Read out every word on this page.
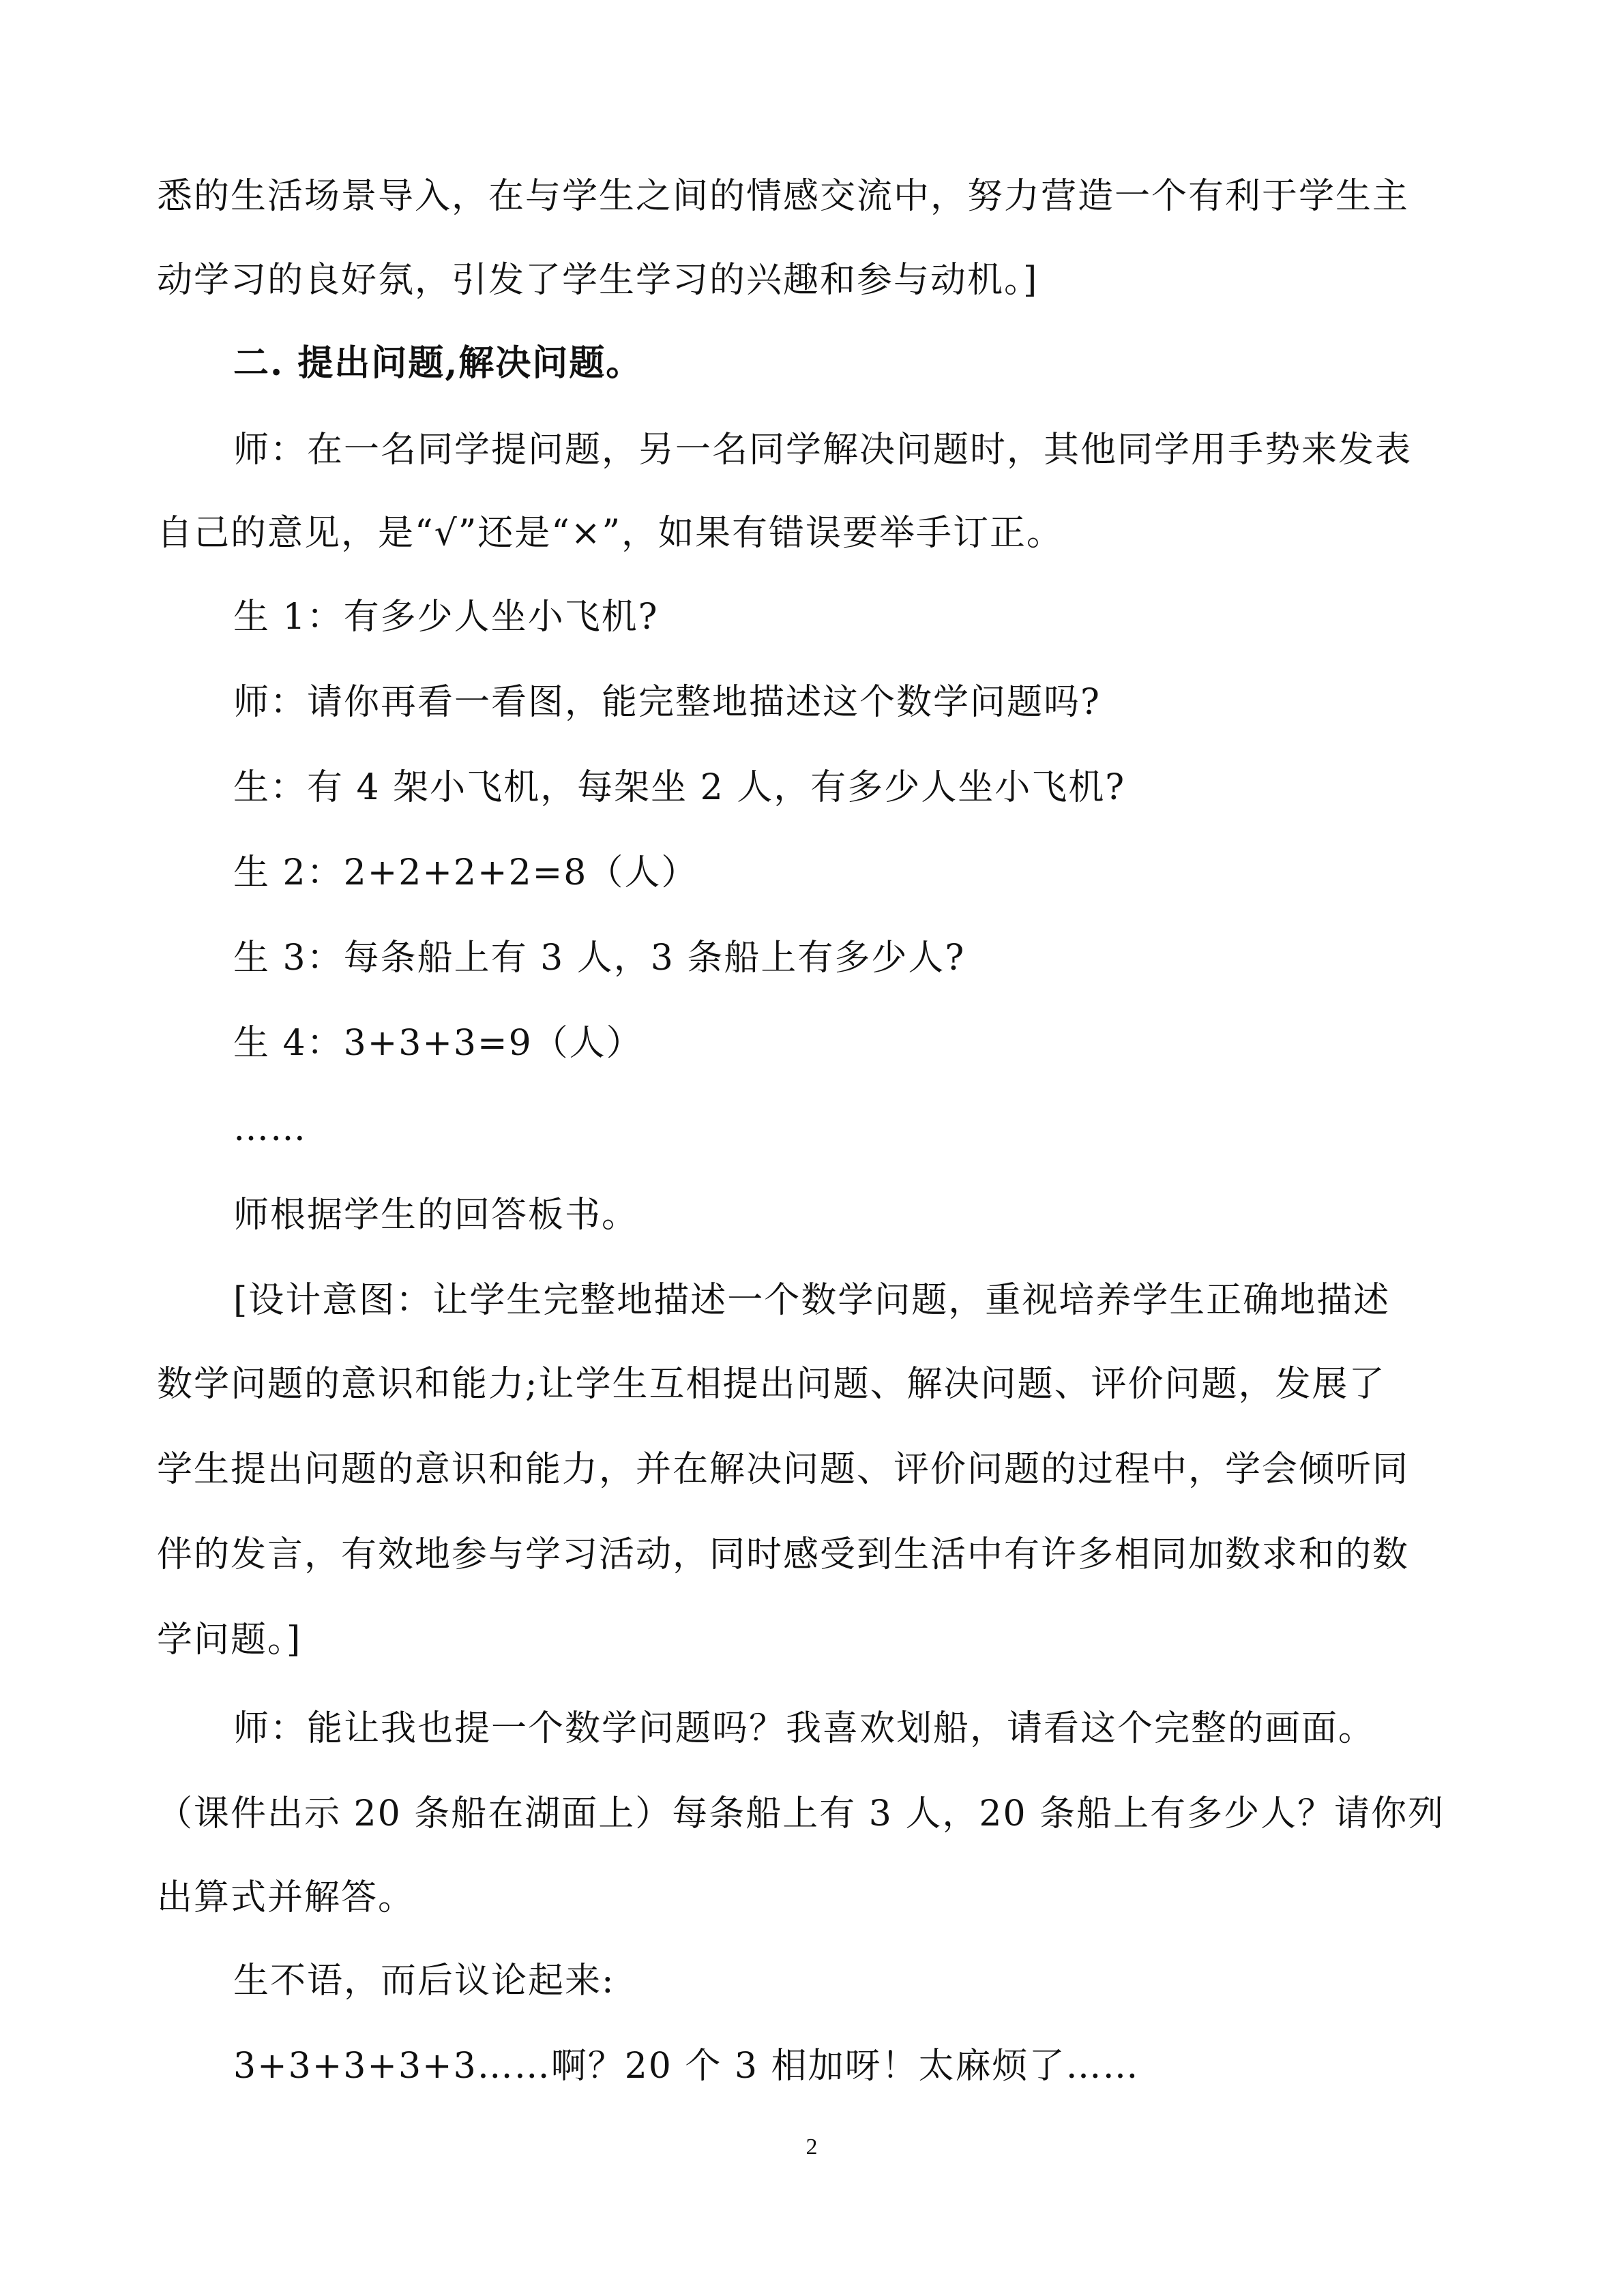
悉的生活场景导入，在与学生之间的情感交流中，努力营造一个有利于学生主
动学习的良好氛，引发了学生学习的兴趣和参与动机。]
二. 提出问题,解决问题。
师：在一名同学提问题，另一名同学解决问题时，其他同学用手势来发表
自己的意见，是“√”还是“×”，如果有错误要举手订正。
生 1：有多少人坐小飞机?
师：请你再看一看图，能完整地描述这个数学问题吗?
生：有 4 架小飞机，每架坐 2 人，有多少人坐小飞机?
生 2：2+2+2+2=8（人）
生 3：每条船上有 3 人，3 条船上有多少人?
生 4：3+3+3=9（人）
……
师根据学生的回答板书。
[设计意图：让学生完整地描述一个数学问题，重视培养学生正确地描述
数学问题的意识和能力;让学生互相提出问题、解决问题、评价问题，发展了
学生提出问题的意识和能力，并在解决问题、评价问题的过程中，学会倾听同
伴的发言，有效地参与学习活动，同时感受到生活中有许多相同加数求和的数
学问题。]
师：能让我也提一个数学问题吗？我喜欢划船，请看这个完整的画面。
（课件出示 20 条船在湖面上）每条船上有 3 人，20 条船上有多少人？请你列
出算式并解答。
生不语，而后议论起来:
3+3+3+3+3……啊？20 个 3 相加呀！太麻烦了……
2
